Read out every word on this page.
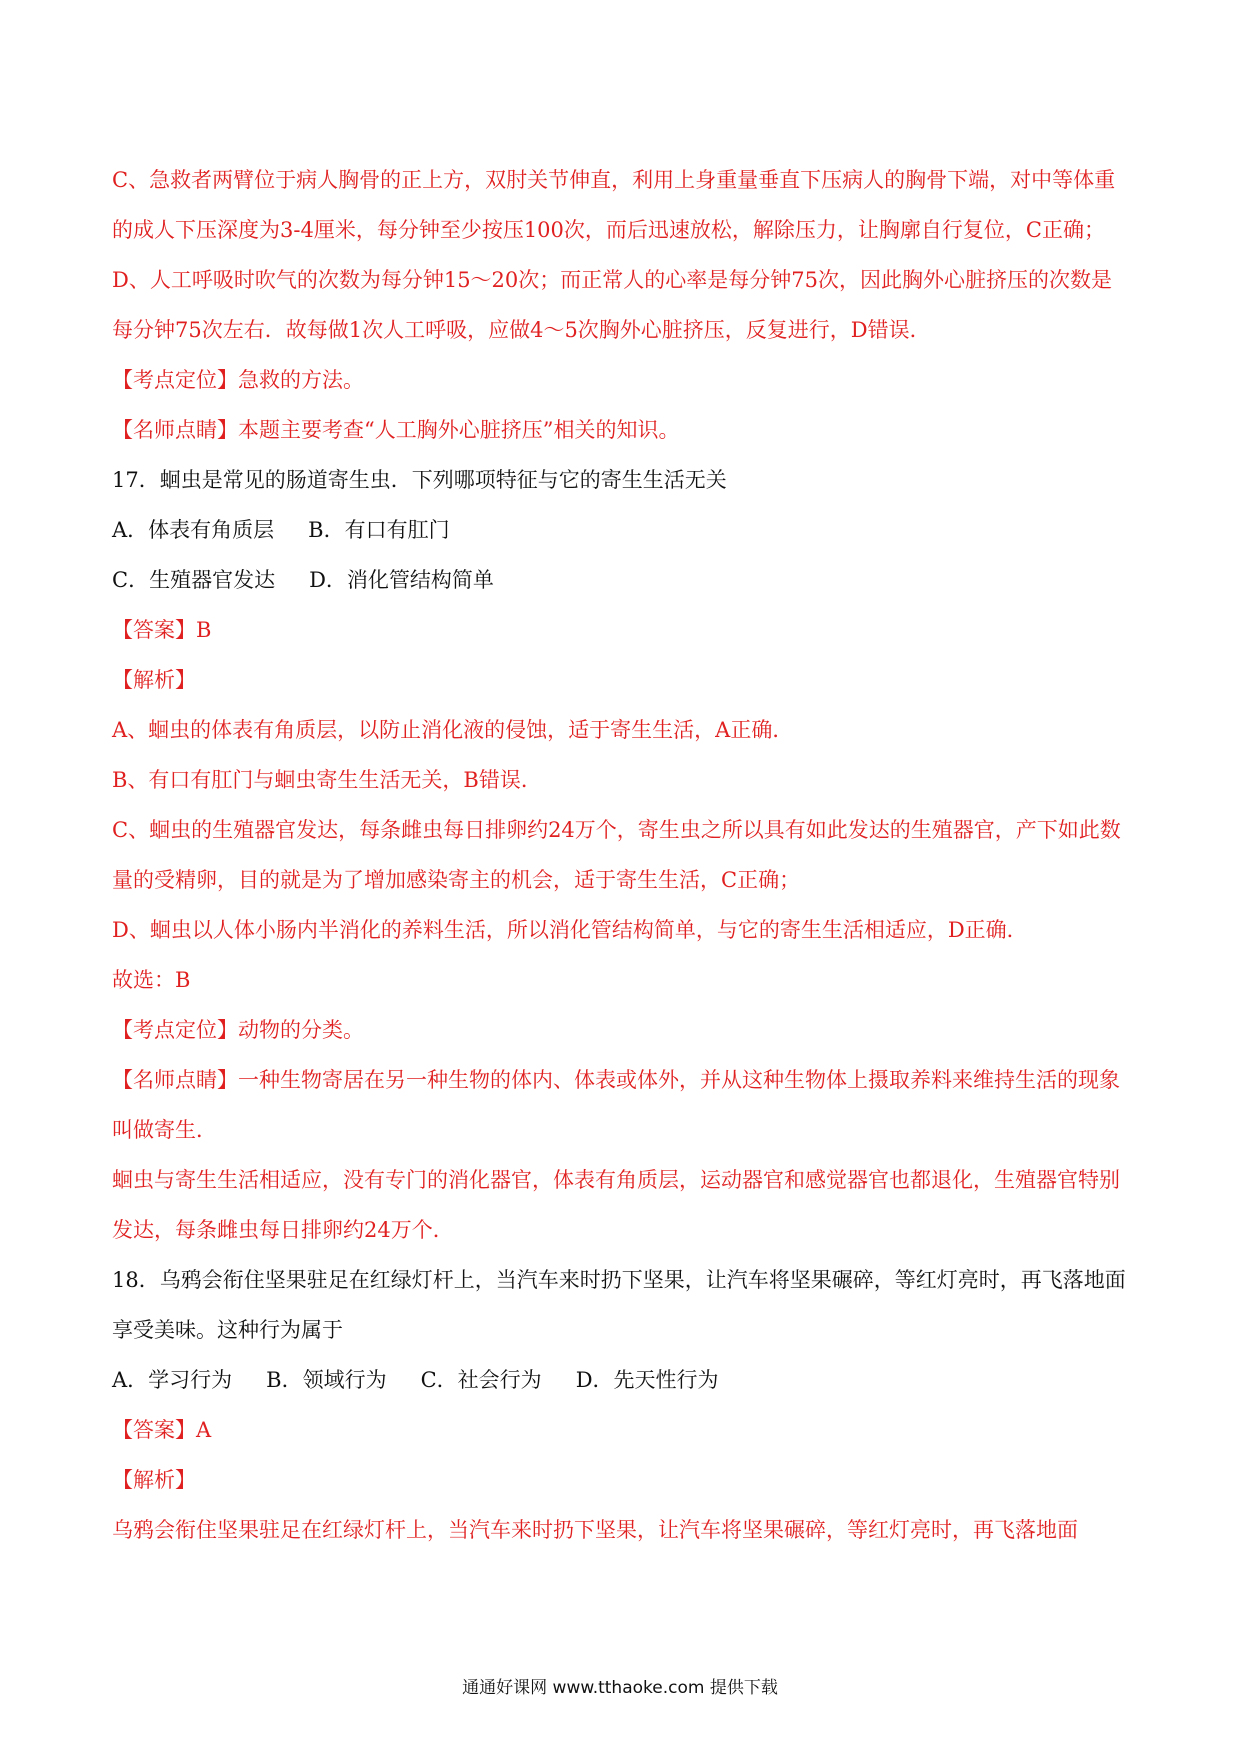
C、急救者两臂位于病人胸骨的正上方，双肘关节伸直，利用上身重量垂直下压病人的胸骨下端，对中等体重的成人下压深度为3-4厘米，每分钟至少按压100次，而后迅速放松，解除压力，让胸廓自行复位，C正确；

D、人工呼吸时吹气的次数为每分钟15～20次；而正常人的心率是每分钟75次，因此胸外心脏挤压的次数是每分钟75次左右．故每做1次人工呼吸，应做4～5次胸外心脏挤压，反复进行，D错误．

【考点定位】急救的方法。

【名师点睛】本题主要考查“人工胸外心脏挤压”相关的知识。

17．蛔虫是常见的肠道寄生虫．下列哪项特征与它的寄生生活无关

A．体表有角质层 B．有口有肛门

C．生殖器官发达 D．消化管结构简单

【答案】B

【解析】

A、蛔虫的体表有角质层，以防止消化液的侵蚀，适于寄生生活，A正确．

B、有口有肛门与蛔虫寄生生活无关，B错误．

C、蛔虫的生殖器官发达，每条雌虫每日排卵约24万个，寄生虫之所以具有如此发达的生殖器官，产下如此数量的受精卵，目的就是为了增加感染寄主的机会，适于寄生生活，C正确；

D、蛔虫以人体小肠内半消化的养料生活，所以消化管结构简单，与它的寄生生活相适应，D正确．

故选：B

【考点定位】动物的分类。

【名师点睛】一种生物寄居在另一种生物的体内、体表或体外，并从这种生物体上摄取养料来维持生活的现象叫做寄生．

蛔虫与寄生生活相适应，没有专门的消化器官，体表有角质层，运动器官和感觉器官也都退化，生殖器官特别发达，每条雌虫每日排卵约24万个．

18．乌鸦会衔住坚果驻足在红绿灯杆上，当汽车来时扔下坚果，让汽车将坚果碾碎，等红灯亮时，再飞落地面享受美味。这种行为属于

A．学习行为 B．领域行为 C．社会行为 D．先天性行为

【答案】A

【解析】

乌鸦会衔住坚果驻足在红绿灯杆上，当汽车来时扔下坚果，让汽车将坚果碾碎，等红灯亮时，再飞落地面

通通好课网 www.tthaoke.com 提供下载
